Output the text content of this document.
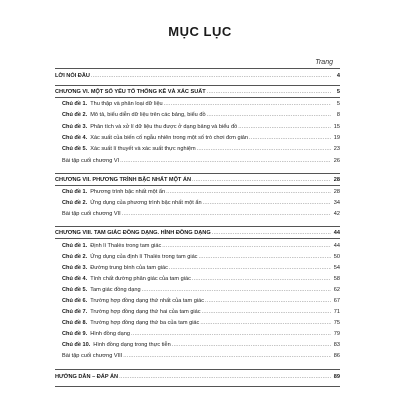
MỤC LỤC
Trang
LỜI NÓI ĐẦU .....	4
CHƯƠNG VI. MỘT SỐ YẾU TỐ THỐNG KÊ VÀ XÁC SUẤT .....	5
Chủ đề 1. Thu thập và phân loại dữ liệu .....	5
Chủ đề 2. Mô tả, biểu diễn dữ liệu trên các bảng, biểu đồ .....	8
Chủ đề 3. Phân tích và xử lí dữ liệu thu được ở dạng bảng và biểu đồ .....	15
Chủ đề 4. Xác suất của biến cố ngẫu nhiên trong một số trò chơi đơn giản .....	19
Chủ đề 5. Xác suất lí thuyết và xác suất thực nghiệm .....	23
Bài tập cuối chương VI .....	26
CHƯƠNG VII. PHƯƠNG TRÌNH BẬC NHẤT MỘT ẨN .....	28
Chủ đề 1. Phương trình bậc nhất một ẩn .....	28
Chủ đề 2. Ứng dụng của phương trình bậc nhất một ẩn .....	34
Bài tập cuối chương VII .....	42
CHƯƠNG VIII. TAM GIÁC ĐỒNG DẠNG. HÌNH ĐỒNG DẠNG .....	44
Chủ đề 1. Định lí Thalès trong tam giác .....	44
Chủ đề 2. Ứng dụng của định lí Thalès trong tam giác .....	50
Chủ đề 3. Đường trung bình của tam giác .....	54
Chủ đề 4. Tính chất đường phân giác của tam giác .....	58
Chủ đề 5. Tam giác đồng dạng .....	62
Chủ đề 6. Trường hợp đồng dạng thứ nhất của tam giác .....	67
Chủ đề 7. Trường hợp đồng dạng thứ hai của tam giác .....	71
Chủ đề 8. Trường hợp đồng dạng thứ ba của tam giác .....	75
Chủ đề 9. Hình đồng dạng .....	79
Chủ đề 10. Hình đồng dạng trong thực tiễn .....	83
Bài tập cuối chương VIII .....	86
HƯỚNG DẪN – ĐÁP ÁN .....	89
